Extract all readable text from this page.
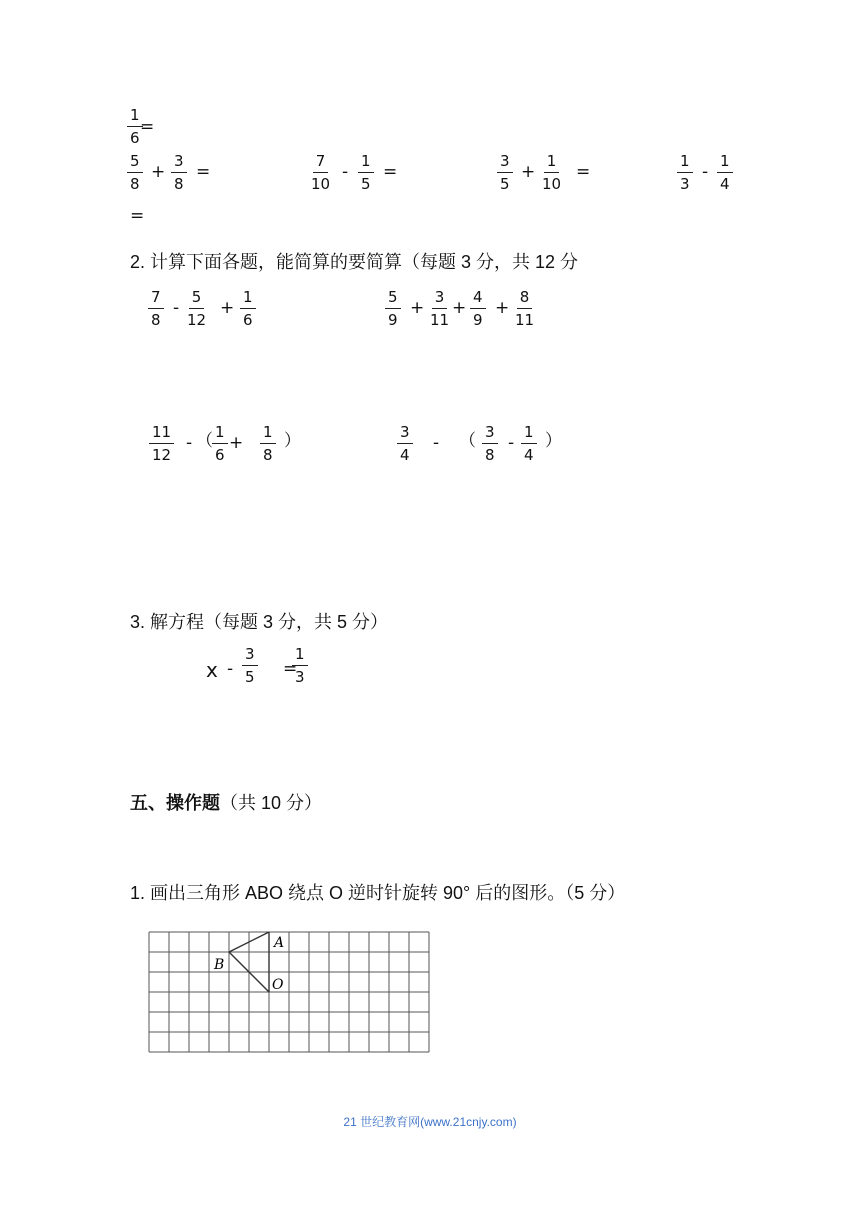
$\frac{1}{6}$
=
$\frac{5}{8} + \frac{3}{8}$ =	$\frac{7}{10} - \frac{1}{5}$ =	$\frac{3}{5} + \frac{1}{10}$ =	$\frac{1}{3} - \frac{1}{4}$
=
2. 计算下面各题，能简算的要简算（每题 3 分，共 12 分
$\frac{7}{8} - \frac{5}{12} + \frac{1}{6}$	$\frac{5}{9} + \frac{3}{11} + \frac{4}{9} + \frac{8}{11}$
$\frac{11}{12}$ - （ $\frac{1}{6} + \frac{1}{8}$ ）	$\frac{3}{4}$ - （ $\frac{3}{8} - \frac{1}{4}$ ）
3. 解方程（每题 3 分，共 5 分）
x - $\frac{3}{5}$ =
$\frac{1}{3}$
五、操作题（共 10 分）
1. 画出三角形 ABO 绕点 O 逆时针旋转 90° 后的图形。（5 分）
A
B
O
21 世纪教育网(www.21cnjy.com)
